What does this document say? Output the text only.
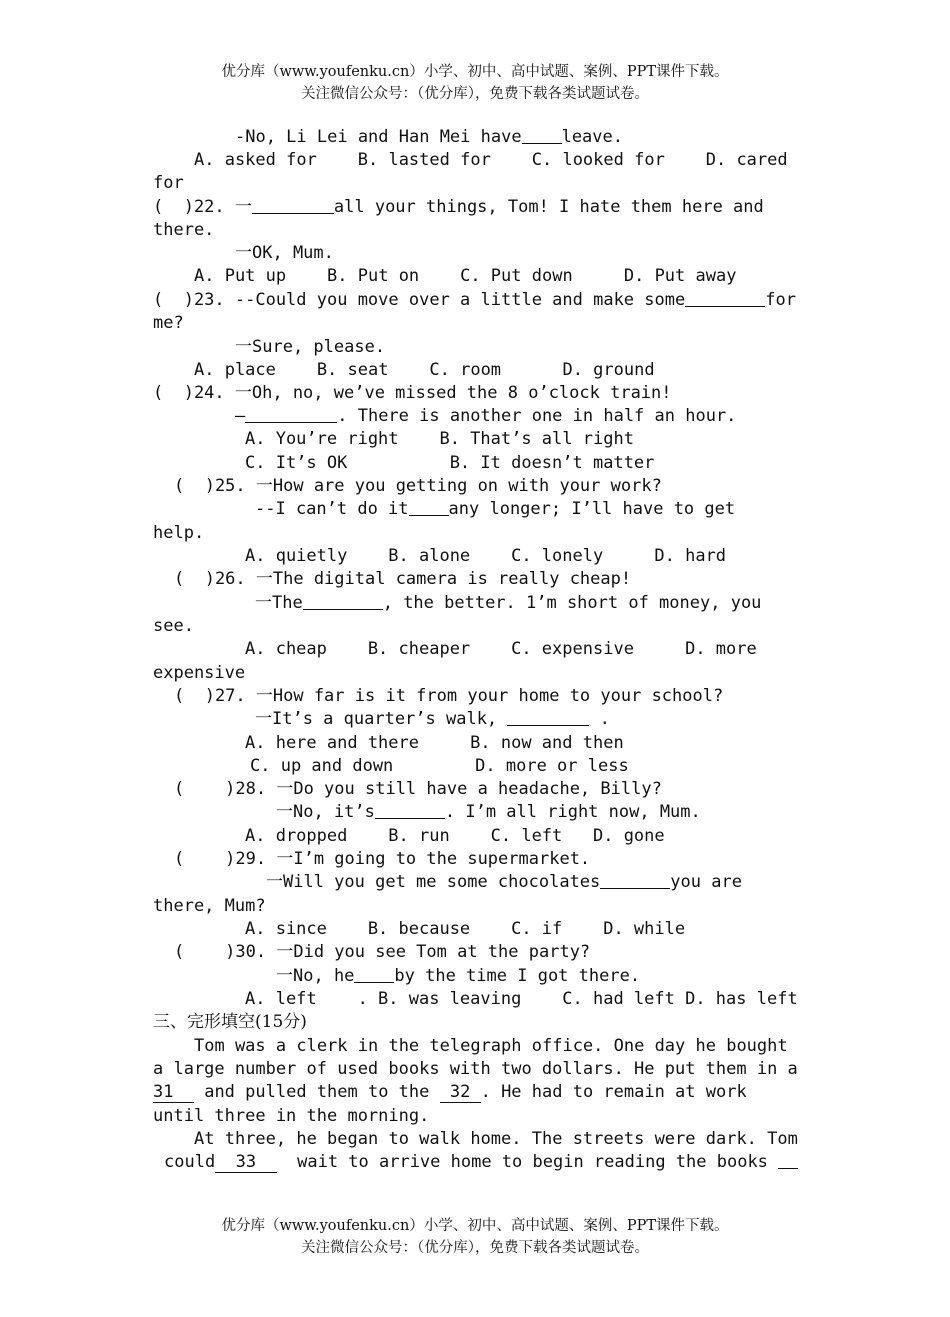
优分库（www.youfenku.cn）小学、初中、高中试题、案例、PPT课件下载。
关注微信公众号：（优分库），免费下载各类试题试卷。
-No, Li Lei and Han Mei have leave.
A. asked for    B. lasted for    C. looked for    D. cared
for
(  )22. 一	all your things, Tom! I hate them here and
there.
一OK, Mum.
A. Put up    B. Put on    C. Put down     D. Put away
(  )23. --Could you move over a little and make some	for
me?
一Sure, please.
A. place    B. seat    C. room      D. ground
(  )24. 一Oh, no, we’ve missed the 8 o’clock train!
—	. There is another one in half an hour.
A. You’re right    B. That’s all right
C. It’s OK          B. It doesn’t matter
(  )25. 一How are you getting on with your work?
--I can’t do it any longer; I’ll have to get
help.
A. quietly    B. alone    C. lonely     D. hard
(  )26. 一The digital camera is really cheap!
一The	, the better. 1’m short of money, you
see.
A. cheap    B. cheaper    C. expensive     D. more
expensive
(  )27. 一How far is it from your home to your school?
一It’s a quarter’s walk,	.
A. here and there     B. now and then
C. up and down        D. more or less
(    )28. 一Do you still have a headache, Billy?
一No, it’s	. I’m all right now, Mum.
A. dropped    B. run    C. left   D. gone
(    )29. 一I’m going to the supermarket.
一Will you get me some chocolates	you are
there, Mum?
A. since    B. because    C. if    D. while
(    )30. 一Did you see Tom at the party?
一No, he by the time I got there.
A. left    . B. was leaving    C. had left D. has left
三、完形填空(15分)
Tom was a clerk in the telegraph office. One day he bought
a large number of used books with two dollars. He put them in a
31   and pulled them to the  32 . He had to remain at work
until three in the morning.
At three, he began to walk home. The streets were dark. Tom
could 33    wait to arrive home to begin reading the books
优分库（www.youfenku.cn）小学、初中、高中试题、案例、PPT课件下载。
关注微信公众号：（优分库），免费下载各类试题试卷。
